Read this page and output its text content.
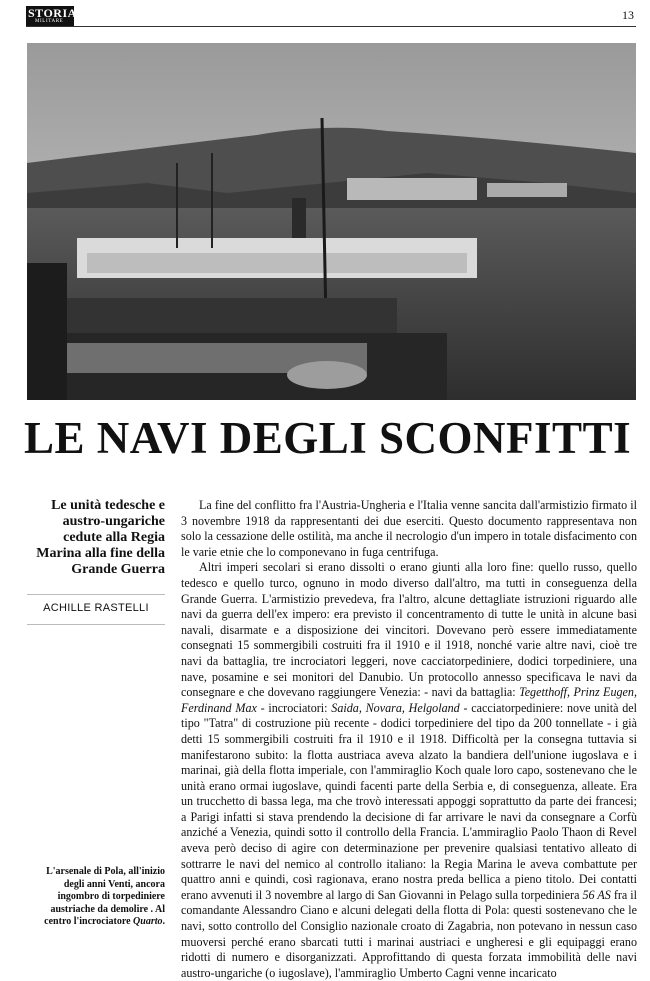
STORIA
MILITARE	13
LE NAVI DEGLI SCONFITTI
Le unità tedesche e austro-ungariche cedute alla Regia Marina alla fine della Grande Guerra
ACHILLE RASTELLI
L'arsenale di Pola, all'inizio degli anni Venti, ancora ingombro di torpediniere austriache da demolire . Al centro l'incrociatore Quarto.

La fine del conflitto fra l'Austria-Ungheria e l'Italia venne sancita dall'armistizio firmato il 3 novembre 1918 da rappresentanti dei due eserciti. Questo documento rappresentava non solo la cessazione delle ostilità, ma anche il necrologio d'un impero in totale disfacimento con le varie etnie che lo componevano in fuga centrifuga.

Altri imperi secolari si erano dissolti o erano giunti alla loro fine: quello russo, quello tedesco e quello turco, ognuno in modo diverso dall'altro, ma tutti in conseguenza della Grande Guerra. L'armistizio prevedeva, fra l'altro, alcune dettagliate istruzioni riguardo alle navi da guerra dell'ex impero: era previsto il concentramento di tutte le unità in alcune basi navali, disarmate e a disposizione dei vincitori. Dovevano però essere immediatamente consegnati 15 sommergibili costruiti fra il 1910 e il 1918, nonché varie altre navi, cioè tre navi da battaglia, tre incrociatori leggeri, nove cacciatorpediniere, dodici torpediniere, una nave, posamine e sei monitori del Danubio. Un protocollo annesso specificava le navi da consegnare e che dovevano raggiungere Venezia: - navi da battaglia: Tegetthoff, Prinz Eugen, Ferdinand Max - incrociatori: Saida, Novara, Helgoland - cacciatorpediniere: nove unità del tipo "Tatra" di costruzione più recente - dodici torpediniere del tipo da 200 tonnellate - i già detti 15 sommergibili costruiti fra il 1910 e il 1918. Difficoltà per la consegna tuttavia si manifestarono subito: la flotta austriaca aveva alzato la bandiera dell'unione iugoslava e i marinai, già della flotta imperiale, con l'ammiraglio Koch quale loro capo, sostenevano che le unità erano ormai iugoslave, quindi facenti parte della Serbia e, di conseguenza, alleate. Era un trucchetto di bassa lega, ma che trovò interessati appoggi soprattutto da parte dei francesi; a Parigi infatti si stava prendendo la decisione di far arrivare le navi da consegnare a Corfù anziché a Venezia, quindi sotto il controllo della Francia. L'ammiraglio Paolo Thaon di Revel aveva però deciso di agire con determinazione per prevenire qualsiasi tentativo alleato di sottrarre le navi del nemico al controllo italiano: la Regia Marina le aveva combattute per quattro anni e quindi, così ragionava, erano nostra preda bellica a pieno titolo. Dei contatti erano avvenuti il 3 novembre al largo di San Giovanni in Pelago sulla torpediniera 56 AS fra il comandante Alessandro Ciano e alcuni delegati della flotta di Pola: questi sostenevano che le navi, sotto controllo del Consiglio nazionale croato di Zagabria, non potevano in nessun caso muoversi perché erano sbarcati tutti i marinai austriaci e ungheresi e gli equipaggi erano ridotti di numero e disorganizzati. Approfittando di questa forzata immobilità delle navi austro-ungariche (o iugoslave), l'ammiraglio Umberto Cagni venne incaricato
